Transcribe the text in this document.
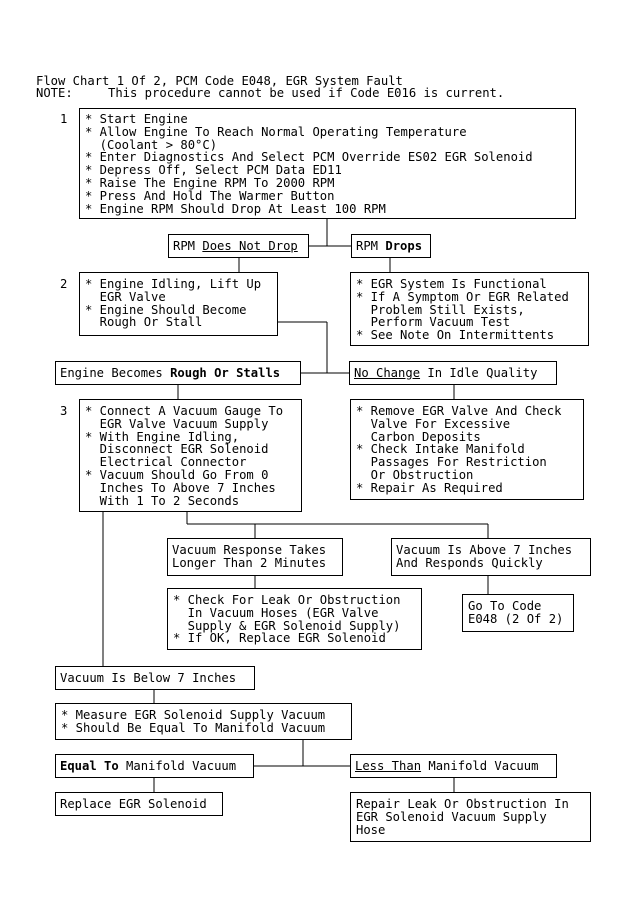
Flow Chart 1 Of 2, PCM Code E048, EGR System Fault
NOTE:	This procedure cannot be used if Code E016 is current.
1 * Start Engine
* Allow Engine To Reach Normal Operating Temperature
(Coolant > 80°C)
* Enter Diagnostics And Select PCM Override ES02 EGR Solenoid
* Depress Off, Select PCM Data ED11
* Raise The Engine RPM To 2000 RPM
* Press And Hold The Warmer Button
* Engine RPM Should Drop At Least 100 RPM
RPM Does Not Drop	RPM Drops
2 * Engine Idling, Lift Up
EGR Valve
* Engine Should Become
Rough Or Stall
* EGR System Is Functional
* If A Symptom Or EGR Related
Problem Still Exists,
Perform Vacuum Test
* See Note On Intermittents
Engine Becomes Rough Or Stalls	No Change In Idle Quality
3 * Connect A Vacuum Gauge To
EGR Valve Vacuum Supply
* With Engine Idling,
Disconnect EGR Solenoid
Electrical Connector
* Vacuum Should Go From 0
Inches To Above 7 Inches
With 1 To 2 Seconds
* Remove EGR Valve And Check
Valve For Excessive
Carbon Deposits
* Check Intake Manifold
Passages For Restriction
Or Obstruction
* Repair As Required
Vacuum Response Takes
Longer Than 2 Minutes
Vacuum Is Above 7 Inches
And Responds Quickly
* Check For Leak Or Obstruction
In Vacuum Hoses (EGR Valve
Supply & EGR Solenoid Supply)
* If OK, Replace EGR Solenoid
Go To Code
E048 (2 Of 2)
Vacuum Is Below 7 Inches
* Measure EGR Solenoid Supply Vacuum
* Should Be Equal To Manifold Vacuum
Equal To Manifold Vacuum	Less Than Manifold Vacuum
Replace EGR Solenoid	Repair Leak Or Obstruction In
EGR Solenoid Vacuum Supply
Hose
